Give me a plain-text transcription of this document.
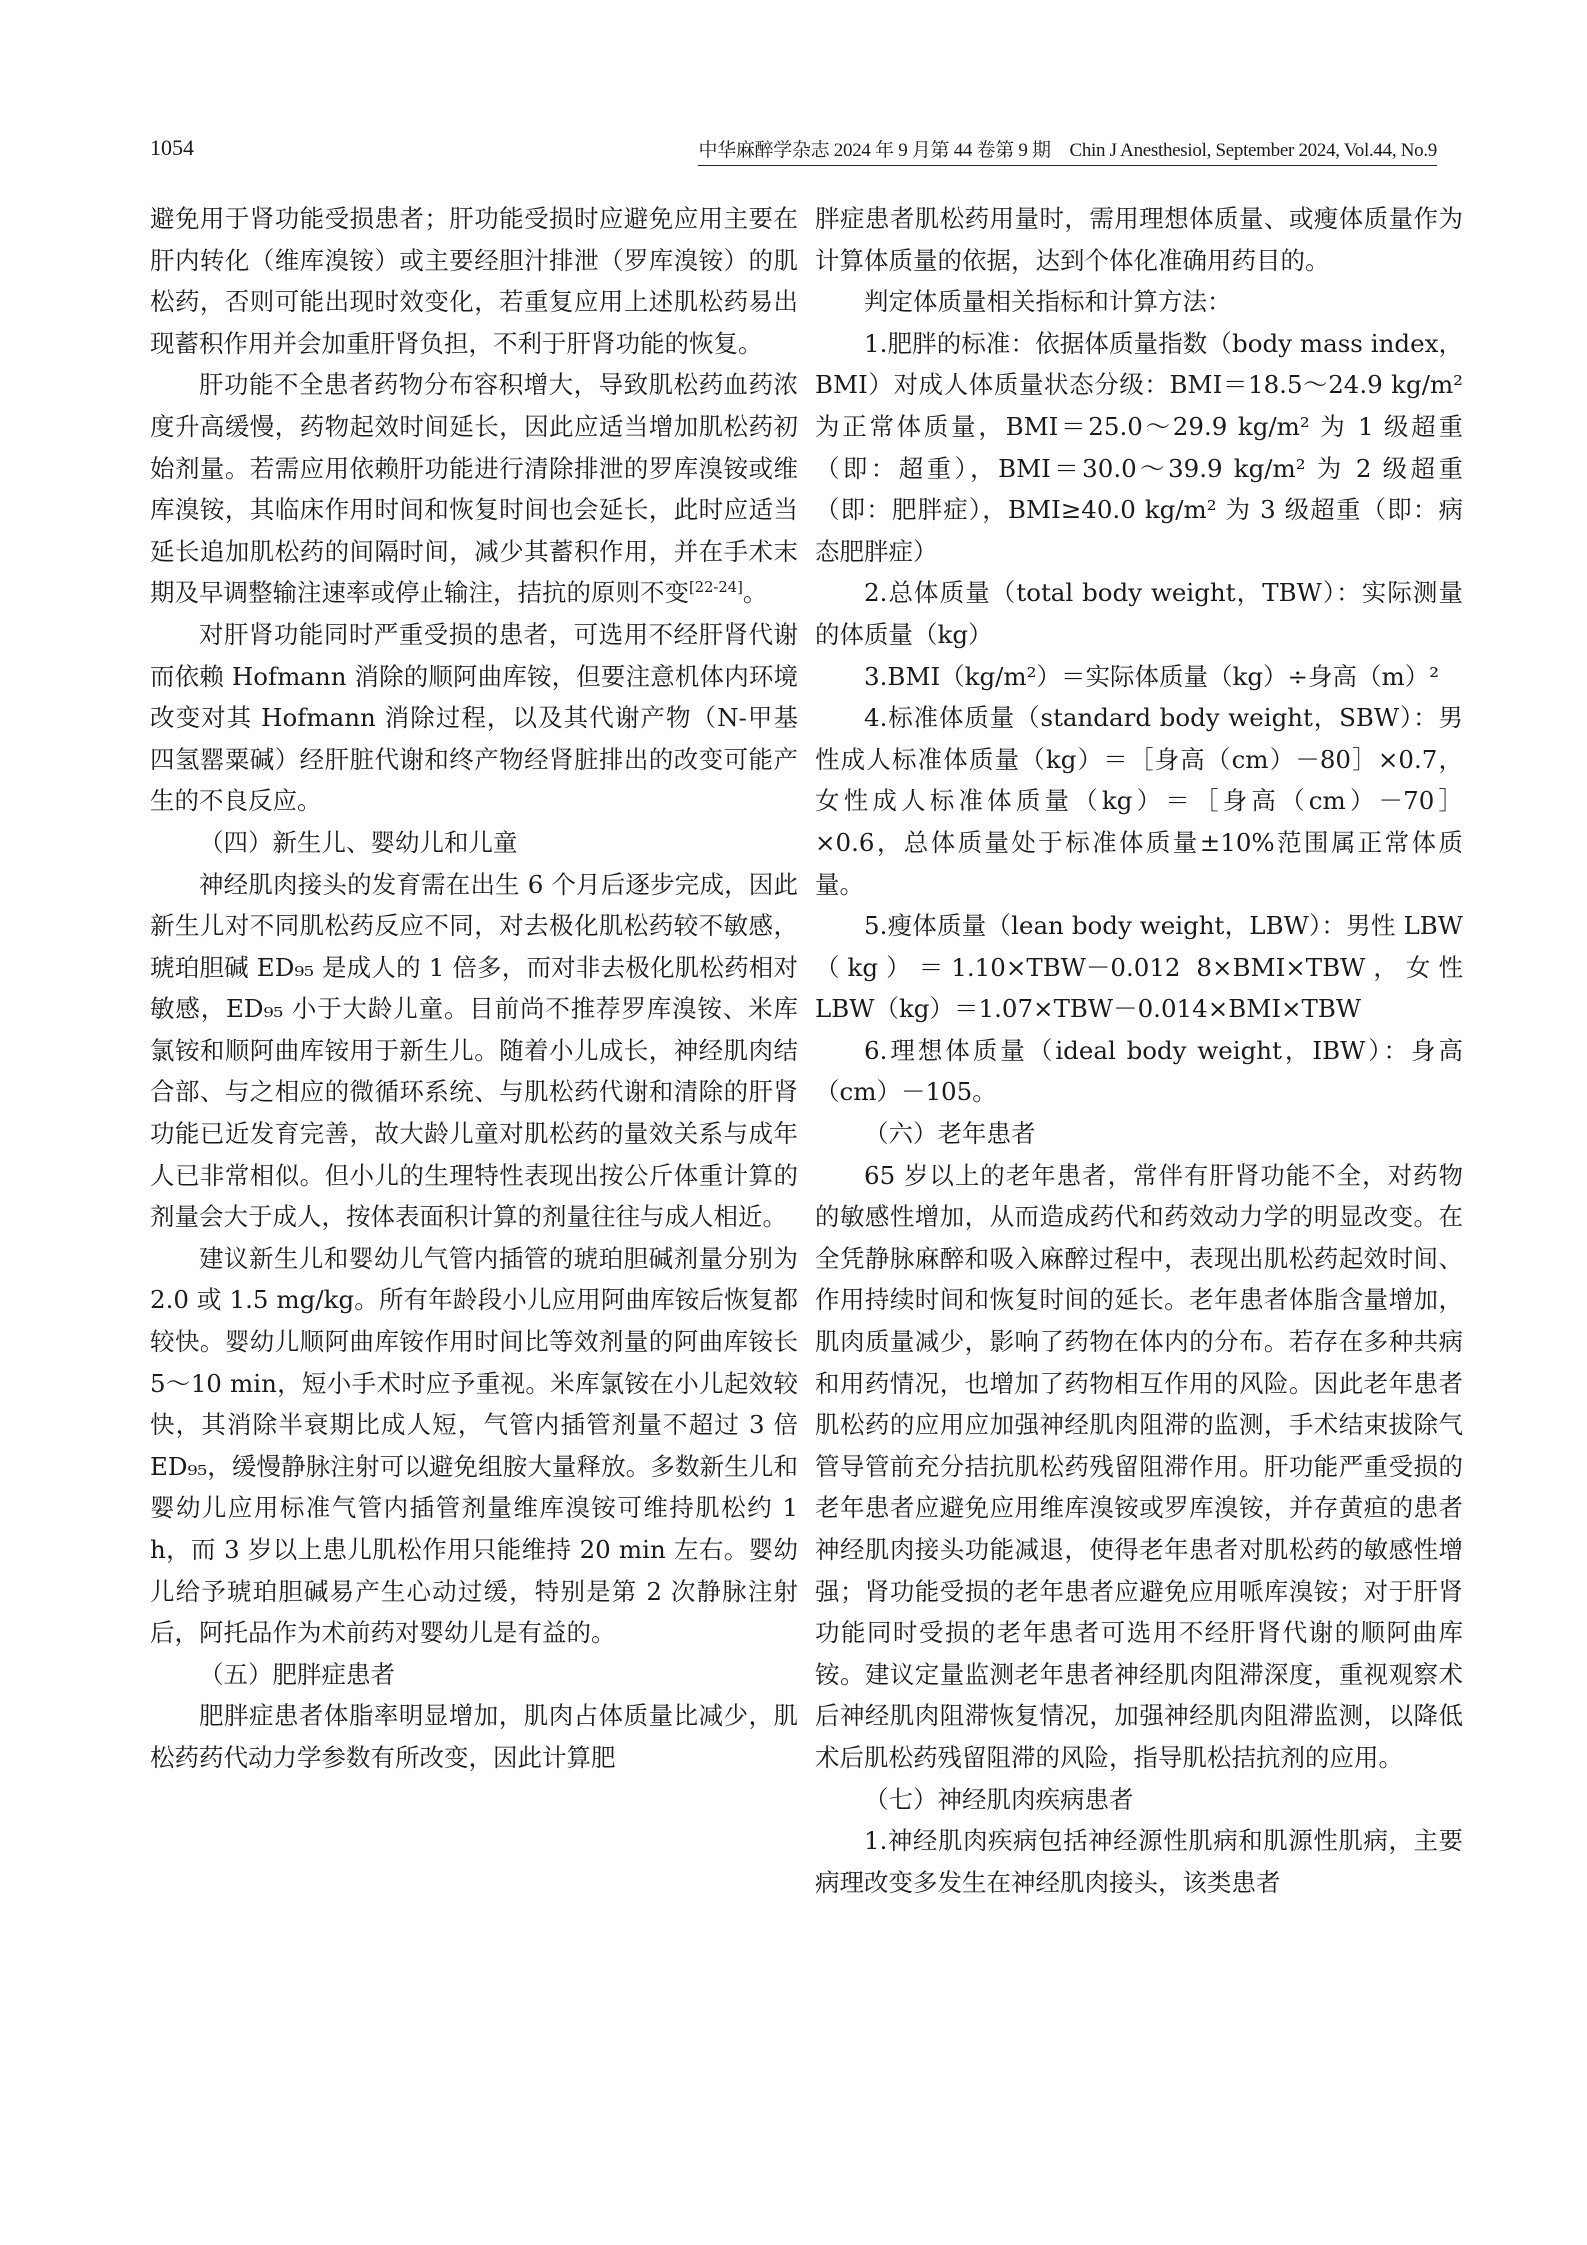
1054	中华麻醉学杂志 2024 年 9 月第 44 卷第 9 期　Chin J Anesthesiol, September 2024, Vol.44, No.9

避免用于肾功能受损患者；肝功能受损时应避免应用主要在肝内转化（维库溴铵）或主要经胆汁排泄（罗库溴铵）的肌松药，否则可能出现时效变化，若重复应用上述肌松药易出现蓄积作用并会加重肝肾负担，不利于肝肾功能的恢复。

肝功能不全患者药物分布容积增大，导致肌松药血药浓度升高缓慢，药物起效时间延长，因此应适当增加肌松药初始剂量。若需应用依赖肝功能进行清除排泄的罗库溴铵或维库溴铵，其临床作用时间和恢复时间也会延长，此时应适当延长追加肌松药的间隔时间，减少其蓄积作用，并在手术末期及早调整输注速率或停止输注，拮抗的原则不变[22-24]。

对肝肾功能同时严重受损的患者，可选用不经肝肾代谢而依赖 Hofmann 消除的顺阿曲库铵，但要注意机体内环境改变对其 Hofmann 消除过程，以及其代谢产物（N-甲基四氢罂粟碱）经肝脏代谢和终产物经肾脏排出的改变可能产生的不良反应。

（四）新生儿、婴幼儿和儿童

神经肌肉接头的发育需在出生 6 个月后逐步完成，因此新生儿对不同肌松药反应不同，对去极化肌松药较不敏感，琥珀胆碱 ED₉₅ 是成人的 1 倍多，而对非去极化肌松药相对敏感，ED₉₅ 小于大龄儿童。目前尚不推荐罗库溴铵、米库氯铵和顺阿曲库铵用于新生儿。随着小儿成长，神经肌肉结合部、与之相应的微循环系统、与肌松药代谢和清除的肝肾功能已近发育完善，故大龄儿童对肌松药的量效关系与成年人已非常相似。但小儿的生理特性表现出按公斤体重计算的剂量会大于成人，按体表面积计算的剂量往往与成人相近。

建议新生儿和婴幼儿气管内插管的琥珀胆碱剂量分别为 2.0 或 1.5 mg/kg。所有年龄段小儿应用阿曲库铵后恢复都较快。婴幼儿顺阿曲库铵作用时间比等效剂量的阿曲库铵长 5～10 min，短小手术时应予重视。米库氯铵在小儿起效较快，其消除半衰期比成人短，气管内插管剂量不超过 3 倍 ED₉₅，缓慢静脉注射可以避免组胺大量释放。多数新生儿和婴幼儿应用标准气管内插管剂量维库溴铵可维持肌松约 1 h，而 3 岁以上患儿肌松作用只能维持 20 min 左右。婴幼儿给予琥珀胆碱易产生心动过缓，特别是第 2 次静脉注射后，阿托品作为术前药对婴幼儿是有益的。

（五）肥胖症患者

肥胖症患者体脂率明显增加，肌肉占体质量比减少，肌松药药代动力学参数有所改变，因此计算肥

胖症患者肌松药用量时，需用理想体质量、或瘦体质量作为计算体质量的依据，达到个体化准确用药目的。

判定体质量相关指标和计算方法：

1.肥胖的标准：依据体质量指数（body mass index，BMI）对成人体质量状态分级：BMI＝18.5～24.9 kg/m² 为正常体质量，BMI＝25.0～29.9 kg/m² 为 1 级超重（即：超重），BMI＝30.0～39.9 kg/m² 为 2 级超重（即：肥胖症），BMI≥40.0 kg/m² 为 3 级超重（即：病态肥胖症）

2.总体质量（total body weight，TBW）：实际测量的体质量（kg）

3.BMI（kg/m²）＝实际体质量（kg）÷身高（m）²

4.标准体质量（standard body weight，SBW）：男性成人标准体质量（kg）＝［身高（cm）－80］×0.7，女性成人标准体质量（kg）＝［身高（cm）－70］×0.6，总体质量处于标准体质量±10%范围属正常体质量。

5.瘦体质量（lean body weight，LBW）：男性 LBW（kg）＝1.10×TBW－0.012 8×BMI×TBW，女性 LBW（kg）＝1.07×TBW－0.014×BMI×TBW

6.理想体质量（ideal body weight，IBW）：身高（cm）－105。

（六）老年患者

65 岁以上的老年患者，常伴有肝肾功能不全，对药物的敏感性增加，从而造成药代和药效动力学的明显改变。在全凭静脉麻醉和吸入麻醉过程中，表现出肌松药起效时间、作用持续时间和恢复时间的延长。老年患者体脂含量增加，肌肉质量减少，影响了药物在体内的分布。若存在多种共病和用药情况，也增加了药物相互作用的风险。因此老年患者肌松药的应用应加强神经肌肉阻滞的监测，手术结束拔除气管导管前充分拮抗肌松药残留阻滞作用。肝功能严重受损的老年患者应避免应用维库溴铵或罗库溴铵，并存黄疸的患者神经肌肉接头功能减退，使得老年患者对肌松药的敏感性增强；肾功能受损的老年患者应避免应用哌库溴铵；对于肝肾功能同时受损的老年患者可选用不经肝肾代谢的顺阿曲库铵。建议定量监测老年患者神经肌肉阻滞深度，重视观察术后神经肌肉阻滞恢复情况，加强神经肌肉阻滞监测，以降低术后肌松药残留阻滞的风险，指导肌松拮抗剂的应用。

（七）神经肌肉疾病患者

1.神经肌肉疾病包括神经源性肌病和肌源性肌病，主要病理改变多发生在神经肌肉接头，该类患者
